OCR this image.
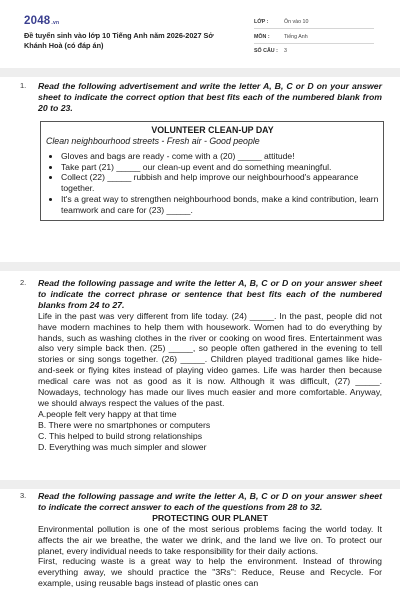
2048.vn
Đề tuyển sinh vào lớp 10 Tiếng Anh năm 2026-2027 Sở Khánh Hoà (có đáp án)
LỚP :	Ôn vào 10
MÔN :	Tiếng Anh
SỐ CÂU : 3
1. Read the following advertisement and write the letter A, B, C or D on your answer sheet to indicate the correct option that best fits each of the numbered blank from 20 to 23.
VOLUNTEER CLEAN-UP DAY
Clean neighbourhood streets - Fresh air - Good people
• Gloves and bags are ready - come with a (20) _____ attitude!
• Take part (21) _____ our clean-up event and do something meaningful.
• Collect (22) _____ rubbish and help improve our neighbourhood's appearance together.
• It's a great way to strengthen neighbourhood bonds, make a kind contribution, learn teamwork and care for (23) _____.
2. Read the following passage and write the letter A, B, C or D on your answer sheet to indicate the correct phrase or sentence that best fits each of the numbered blanks from 24 to 27.

Life in the past was very different from life today. (24) _____. In the past, people did not have modern machines to help them with housework. Women had to do everything by hands, such as washing clothes in the river or cooking on wood fires. Entertainment was also very simple back then. (25) _____, so people often gathered in the evening to tell stories or sing songs together. (26) _____. Children played traditional games like hide-and-seek or flying kites instead of playing video games. Life was harder then because medical care was not as good as it is now. Although it was difficult, (27) _____. Nowadays, technology has made our lives much easier and more comfortable. Anyway, we should always respect the values of the past.

A.people felt very happy at that time
B. There were no smartphones or computers
C. This helped to build strong relationships
D. Everything was much simpler and slower
3. Read the following passage and write the letter A, B, C or D on your answer sheet to indicate the correct answer to each of the questions from 28 to 32.
PROTECTING OUR PLANET

Environmental pollution is one of the most serious problems facing the world today. It affects the air we breathe, the water we drink, and the land we live on. To protect our planet, every individual needs to take responsibility for their daily actions.

First, reducing waste is a great way to help the environment. Instead of throwing everything away, we should practice the "3Rs": Reduce, Reuse and Recycle. For example, using reusable bags instead of plastic ones can
